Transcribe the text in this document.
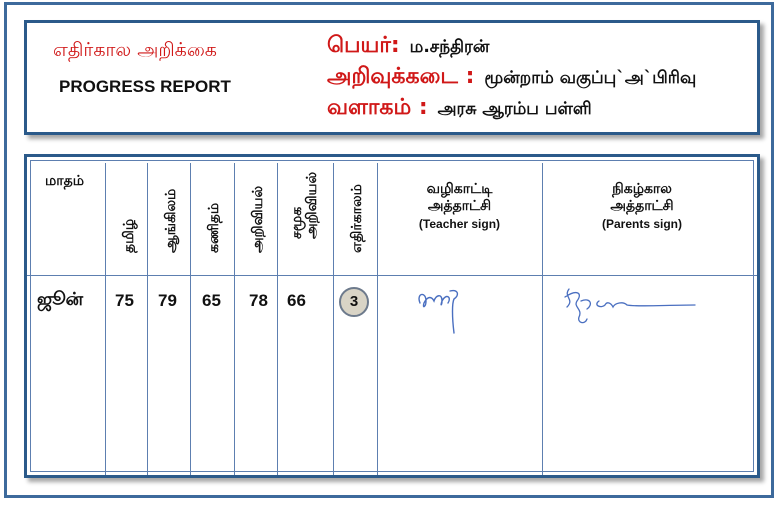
எதிர்கால அறிக்கை
PROGRESS REPORT
பெயர்: ம.சந்திரன்
அறிவுக்கடை : மூன்றாம் வகுப்பு`அ`பிரிவு
வளாகம் : அரசு ஆரம்ப பள்ளி
மாதம்
தமிழ் ஆங்கிலம் கணிதம் அறிவியல் சமூக அறிவியல் எதிர்காலம்	வழிகாட்டி
அத்தாட்சி
(Teacher sign)
நிகழ்கால
அத்தாட்சி
(Parents sign)
ஜூன் 75 79 65 78 66	3
